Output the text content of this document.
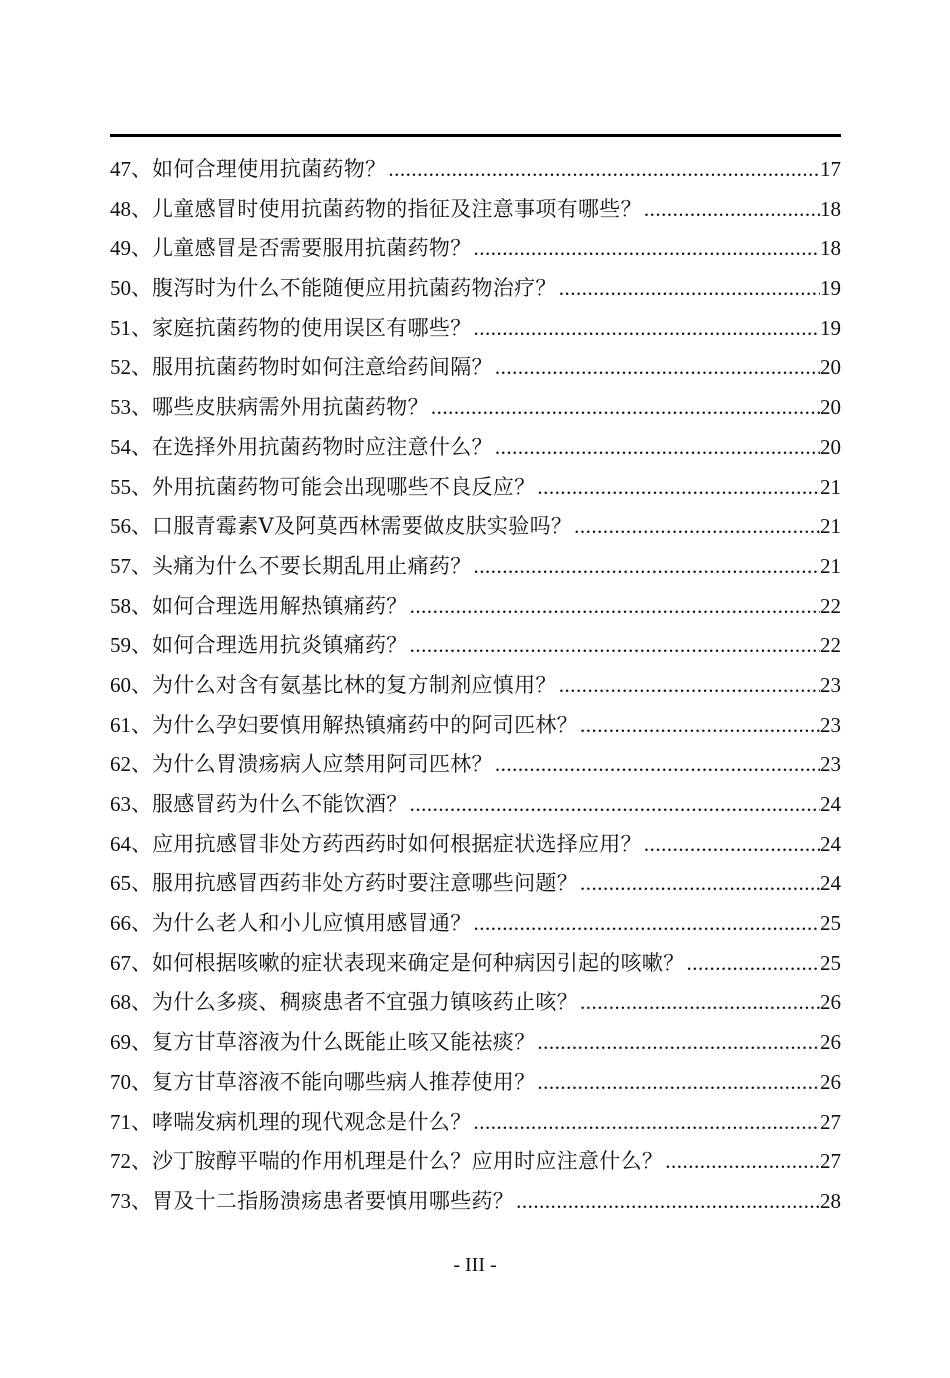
47、 如何合理使用抗菌药物？ .....	17
48、 儿童感冒时使用抗菌药物的指征及注意事项有哪些？ .....	18
49、 儿童感冒是否需要服用抗菌药物？ .....	18
50、 腹泻时为什么不能随便应用抗菌药物治疗？ .....	19
51、 家庭抗菌药物的使用误区有哪些？ .....	19
52、 服用抗菌药物时如何注意给药间隔？ .....	20
53、 哪些皮肤病需外用抗菌药物？ .....	20
54、 在选择外用抗菌药物时应注意什么？ .....	20
55、 外用抗菌药物可能会出现哪些不良反应？ .....	21
56、 口服青霉素Ⅴ及阿莫西林需要做皮肤实验吗？ .....	21
57、 头痛为什么不要长期乱用止痛药？ .....	21
58、 如何合理选用解热镇痛药？ .....	22
59、 如何合理选用抗炎镇痛药？ .....	22
60、 为什么对含有氨基比林的复方制剂应慎用？ .....	23
61、 为什么孕妇要慎用解热镇痛药中的阿司匹林？ .....	23
62、 为什么胃溃疡病人应禁用阿司匹林？ .....	23
63、 服感冒药为什么不能饮酒？ .....	24
64、 应用抗感冒非处方药西药时如何根据症状选择应用？ .....	24
65、 服用抗感冒西药非处方药时要注意哪些问题？ .....	24
66、 为什么老人和小儿应慎用感冒通？ .....	25
67、 如何根据咳嗽的症状表现来确定是何种病因引起的咳嗽？ .....	25
68、 为什么多痰、稠痰患者不宜强力镇咳药止咳？ .....	26
69、 复方甘草溶液为什么既能止咳又能祛痰？ .....	26
70、 复方甘草溶液不能向哪些病人推荐使用？ .....	26
71、 哮喘发病机理的现代观念是什么？ .....	27
72、 沙丁胺醇平喘的作用机理是什么？应用时应注意什么？ .....	27
73、 胃及十二指肠溃疡患者要慎用哪些药？ .....	28
- III -
